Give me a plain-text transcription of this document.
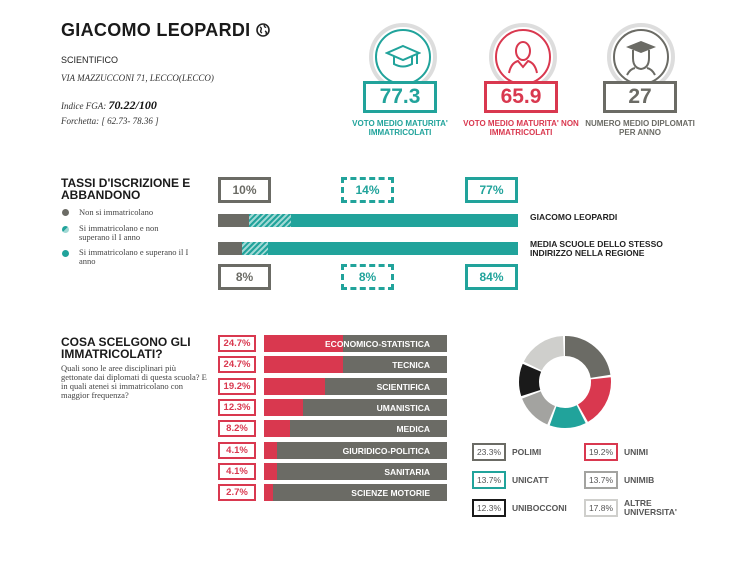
GIACOMO LEOPARDI
SCIENTIFICO
VIA MAZZUCCONI 71, LECCO(LECCO)
Indice FGA: 70.22/100
Forchetta: [ 62.73- 78.36 ]
77.3
VOTO MEDIO MATURITA' IMMATRICOLATI
65.9
VOTO MEDIO MATURITA' NON IMMATRICOLATI
27
NUMERO MEDIO DIPLOMATI PER ANNO
TASSI D'ISCRIZIONE E ABBANDONO
Non si immatricolano
Si immatricolano e non superano il I anno
Si immatricolano e superano il I anno
10%	14%	77%
GIACOMO LEOPARDI
MEDIA SCUOLE DELLO STESSO INDIRIZZO NELLA REGIONE
8%	8%	84%
COSA SCELGONO GLI IMMATRICOLATI?
Quali sono le aree disciplinari più gettonate dai diplomati di questa scuola? E in quali atenei si immatricolano con maggior frequenza?
24.7%	ECONOMICO-STATISTICA
24.7%	TECNICA
19.2%	SCIENTIFICA
12.3%	UMANISTICA
8.2%	MEDICA
4.1%	GIURIDICO-POLITICA
4.1%	SANITARIA
2.7%	SCIENZE MOTORIE
23.3%	POLIMI	19.2%	UNIMI
13.7%	UNICATT	13.7%	UNIMIB
12.3%	UNIBOCCONI	17.8%	ALTRE UNIVERSITA'
